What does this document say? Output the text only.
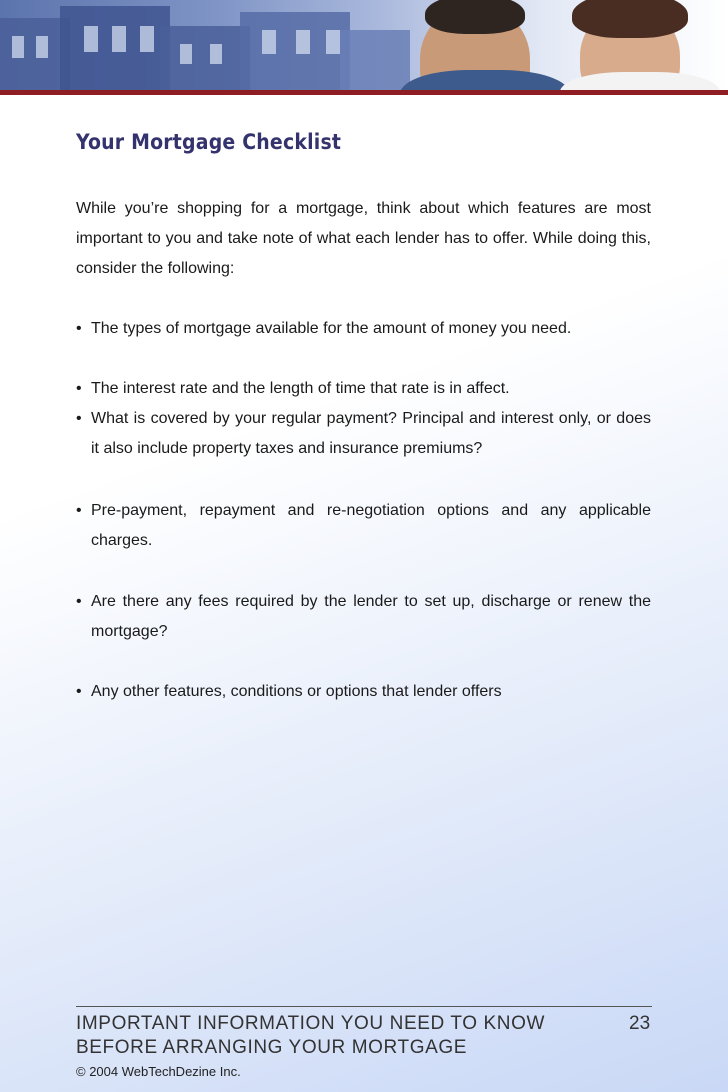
Your Mortgage Checklist
While you’re shopping for a mortgage, think about which features are most important to you and take note of what each lender has to offer. While doing this, consider the following:
• The types of mortgage available for the amount of money you need.
• The interest rate and the length of time that rate is in affect.
• What is covered by your regular payment? Principal and interest only, or does it also include property taxes and insurance premiums?
• Pre-payment, repayment and re-negotiation options and any applicable charges.
• Are there any fees required by the lender to set up, discharge or renew the mortgage?
• Any other features, conditions or options that lender offers
IMPORTANT INFORMATION YOU NEED TO KNOW
BEFORE ARRANGING YOUR MORTGAGE
23
© 2004 WebTechDezine Inc.
